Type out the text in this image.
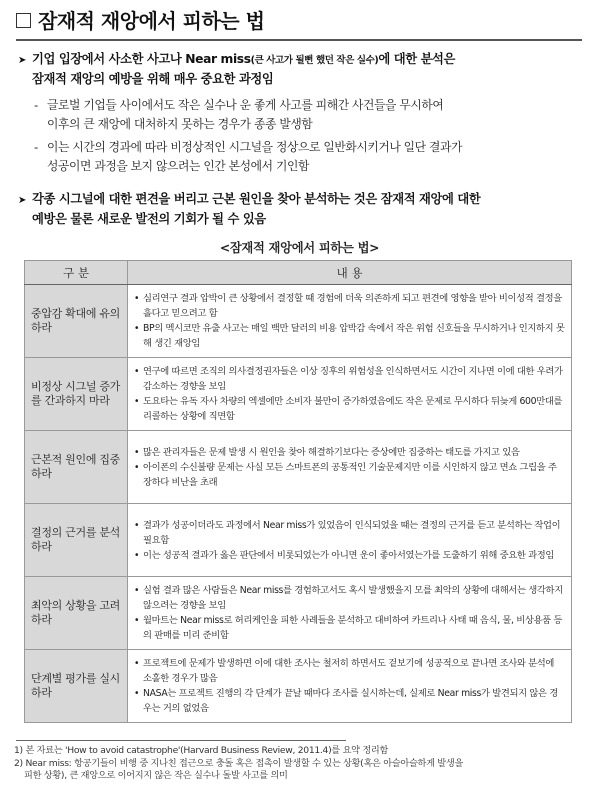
잠재적 재앙에서 피하는 법
➤ 기업 입장에서 사소한 사고나 Near miss(큰 사고가 될뻔 했던 작은 실수)에 대한 분석은
잠재적 재앙의 예방을 위해 매우 중요한 과정임
- 글로벌 기업들 사이에서도 작은 실수나 운 좋게 사고를 피해간 사건들을 무시하여
이후의 큰 재앙에 대처하지 못하는 경우가 종종 발생함
- 이는 시간의 경과에 따라 비정상적인 시그널을 정상으로 일반화시키거나 일단 결과가
성공이면 과정을 보지 않으려는 인간 본성에서 기인함
➤ 각종 시그널에 대한 편견을 버리고 근본 원인을 찾아 분석하는 것은 잠재적 재앙에 대한
예방은 물론 새로운 발전의 기회가 될 수 있음
<잠재적 재앙에서 피하는 법>
구 분	내 용
중압감 확대에 유의하라	• 심리연구 결과 압박이 큰 상황에서 결정할 때 경험에 더욱 의존하게 되고 편견에 영향을 받아 비이성적 결정을 흘다고 믿으려고 함
• BP의 멕시코만 유출 사고는 매일 백만 달러의 비용 압박감 속에서 작은 위험 신호들을 무시하거나 인지하지 못해 생긴 재앙임

비정상 시그널 증가를 간과하지 마라	• 연구에 따르면 조직의 의사결정권자들은 이상 징후의 위험성을 인식하면서도 시간이 지나면 이에 대한 우려가 감소하는 경향을 보임
• 도요타는 유독 자사 차량의 엑셀에만 소비자 불만이 증가하였음에도 작은 문제로 무시하다 뒤늦게 600만대를 리콜하는 상황에 직면함

근본적 원인에 집중하라	• 많은 관리자들은 문제 발생 시 원인을 찾아 해결하기보다는 증상에만 집중하는 태도를 가지고 있음
• 아이폰의 수신불량 문제는 사실 모든 스마트폰의 공통적인 기술문제지만 이를 시인하지 않고 면쇼 그립을 주장하다 비난을 초래

결정의 근거를 분석하라	• 결과가 성공이더라도 과정에서 Near miss가 있었음이 인식되었을 때는 결정의 근거를 듣고 분석하는 작업이 필요함
• 이는 성공적 결과가 옳은 판단에서 비롯되었는가 아니면 운이 좋아서였는가를 도출하기 위해 중요한 과정임

최악의 상황을 고려하라	• 실험 결과 많은 사람들은 Near miss를 경험하고서도 혹시 발생했을지 모를 최악의 상황에 대해서는 생각하지 않으려는 경향을 보임
• 월마트는 Near miss로 허리케인을 피한 사례들을 분석하고 대비하여 카트리나 사태 때 음식, 물, 비상용품 등의 판매를 미리 준비함

단계별 평가를 실시하라	• 프로젝트에 문제가 발생하면 이에 대한 조사는 철저히 하면서도 겉보기에 성공적으로 끝나면 조사와 분석에 소홀한 경우가 많음
• NASA는 프로젝트 진행의 각 단계가 끝날 때마다 조사를 실시하는데, 실제로 Near miss가 발견되지 않은 경우는 거의 없었음
1) 본 자료는 'How to avoid catastrophe'(Harvard Business Review, 2011.4)를 요약 정리함
2) Near miss: 항공기들이 비행 중 지나친 접근으로 충돌 혹은 접촉이 발생할 수 있는 상황(혹은 아슬아슬하게 발생을
피한 상황), 큰 재앙으로 이어지지 않은 작은 실수나 돌발 사고를 의미
